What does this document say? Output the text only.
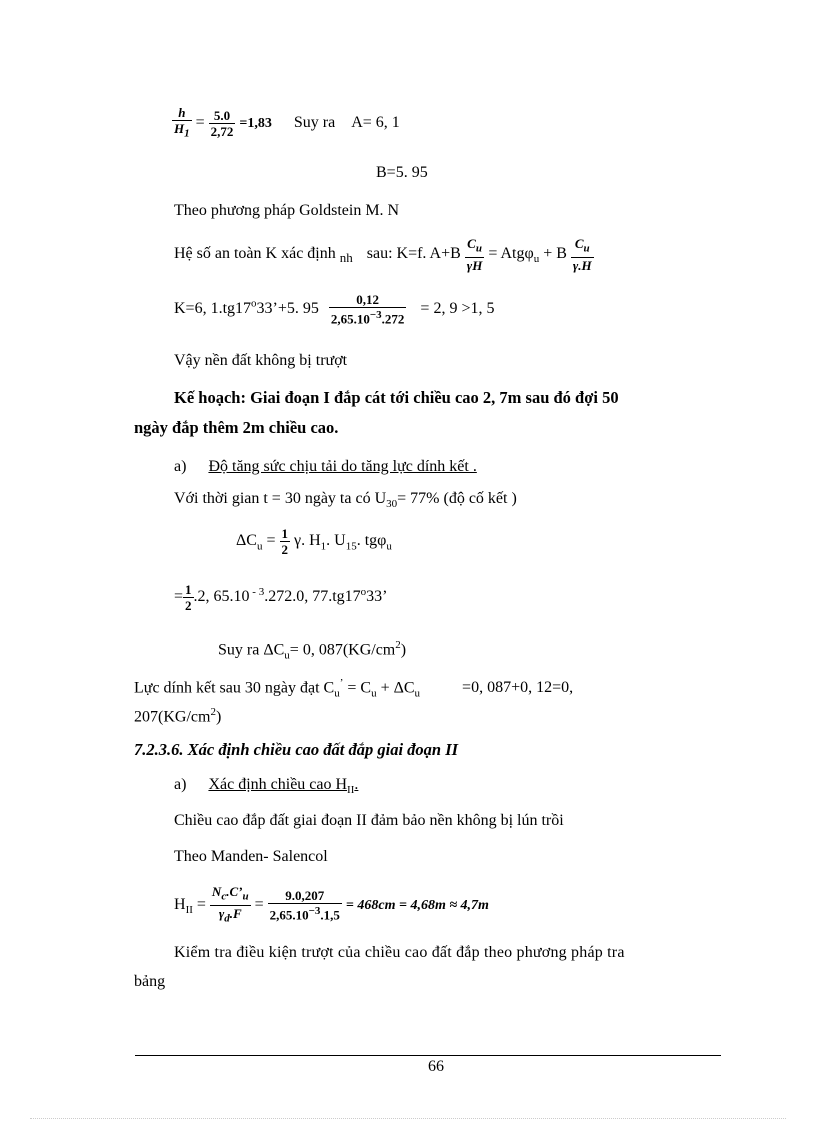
$\frac{h}{H_1} = \frac{5.0}{2,72} =1,83$ Suy ra A= 6, 1
B=5. 95
Theo phương pháp Goldstein M. N
Hệ số an toàn K xác định $_{nh}$ sau: K=f. $A+B \frac{C_u}{\gamma H} = Atg\varphi_u + B \frac{C_u}{\gamma.H}$
K=6, $1.tg17^o33’+5$. $95 \frac{0,12}{2,65.10^{-3}.272} = 2$, 9 >1, 5
Vậy nền đất không bị trượt
Kế hoạch: Giai đoạn I đắp cát tới chiều cao 2, 7m sau đó đợi 50
ngày đắp thêm 2m chiều cao.
a) Độ tăng sức chịu tải do tăng lực dính kết .
Với thời gian t = 30 ngày ta có $U_{30}= 77\%$ (độ cố kết )
$\Delta C_u = \frac{1}{2} \gamma$. $H_1$. $U_{15}$. tgφ$_u$
= $\frac{1}{2} .2$, 65.10 $^{- 3}$.272.0, 77.tg17$^o$33’
Suy ra $\Delta C_u= 0$, $087(KG/cm^2)$
Lực dính kết sau 30 ngày đạt $C_u^’ = C_u + \Delta C_u$	=0, 087+0, 12=0,
$207(KG/cm^2)$
7.2.3.6. Xác định chiều cao đất đắp giai đoạn II
a) Xác định chiều cao $H_{II}$.
Chiều cao đắp đất giai đoạn II đảm bảo nền không bị lún trồi
Theo Manden- Salencol
$H_{II} = \frac{N_c.C’_u}{\gamma_d.F} = \frac{9.0,207}{2,65.10^{-3}.1,5} = 468cm = 4,68m \approx 4,7m$
Kiểm tra điều kiện trượt của chiều cao đất đắp theo phương pháp tra
bảng
66
